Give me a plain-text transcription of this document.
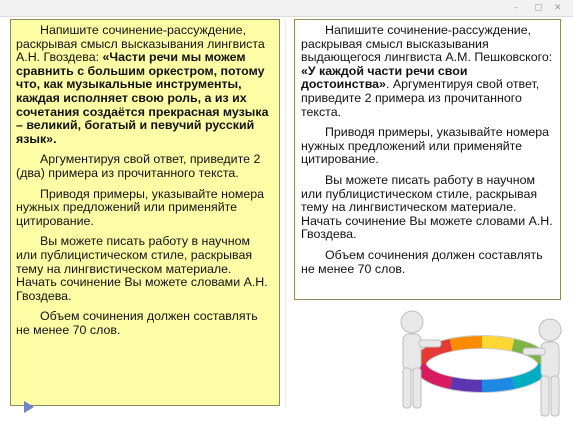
– ▢ ✕

Напишите сочинение-рассуждение, раскрывая смысл высказывания лингвиста А.Н. Гвоздева: «Части речи мы можем сравнить с большим оркестром, потому что, как музыкальные инструменты, каждая исполняет свою роль, а из их сочетания создаётся прекрасная музыка – великий, богатый и певучий русский язык».

Аргументируя свой ответ, приведите 2 (два) примера из прочитанного текста.

Приводя примеры, указывайте номера нужных предложений или применяйте цитирование.

Вы можете писать работу в научном или публицистическом стиле, раскрывая тему на лингвистическом материале. Начать сочинение Вы можете словами А.Н. Гвоздева.

Объем сочинения должен составлять не менее 70 слов.

Напишите сочинение-рассуждение, раскрывая смысл высказывания выдающегося лингвиста А.М. Пешковского: «У каждой части речи свои достоинства». Аргументируя свой ответ, приведите 2 примера из прочитанного текста.

Приводя примеры, указывайте номера нужных предложений или применяйте цитирование.

Вы можете писать работу в научном или публицистическом стиле, раскрывая тему на лингвистическом материале. Начать сочинение Вы можете словами А.Н. Гвоздева.

Объем сочинения должен составлять не менее 70 слов.
